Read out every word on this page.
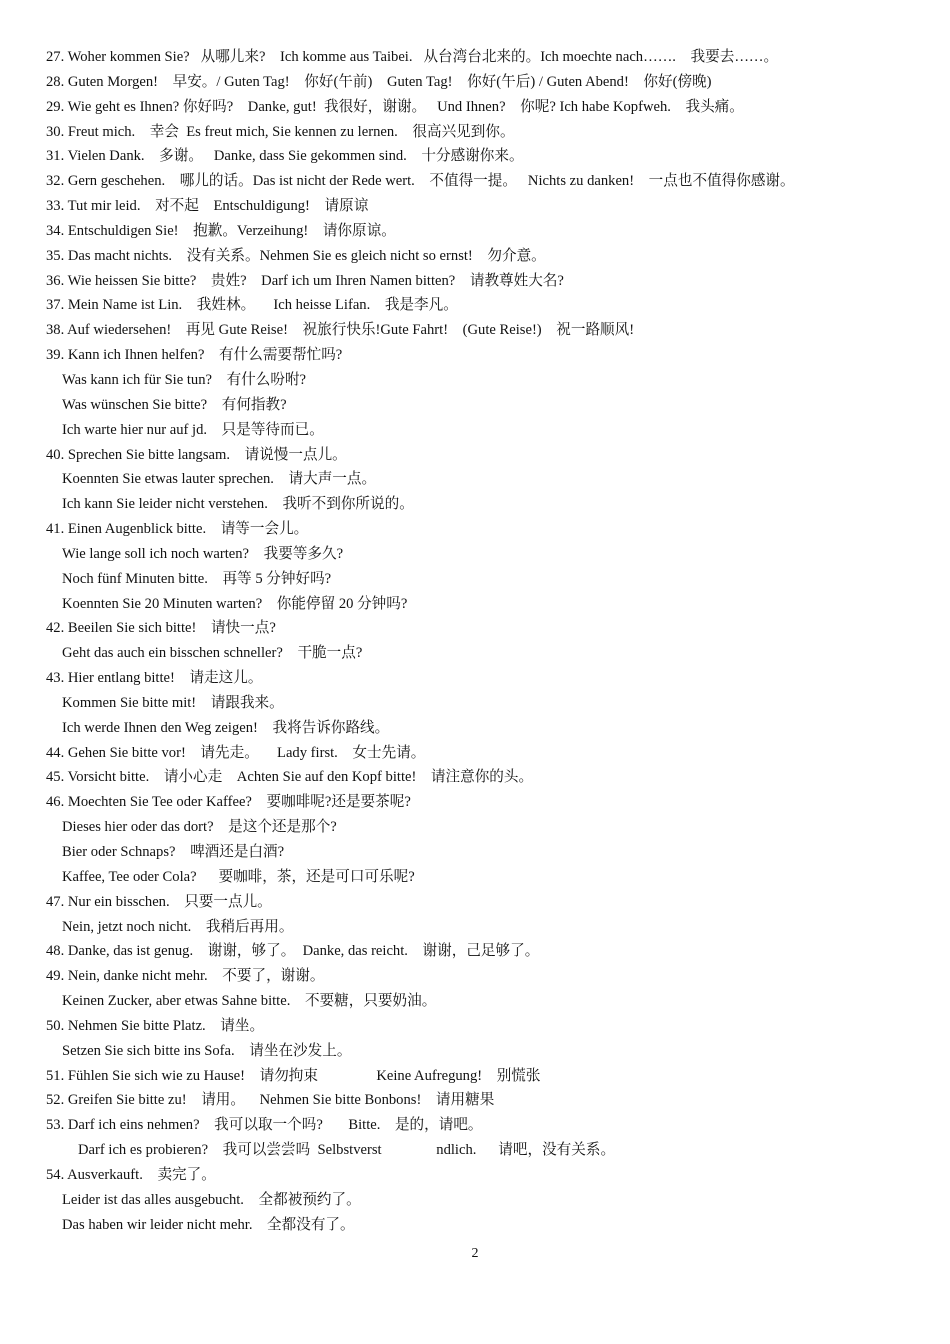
27. Woher kommen Sie?   从哪儿来?    Ich komme aus Taibei.   从台湾台北来的。Ich moechte nach…….    我要去……。
28. Guten Morgen!    早安。/ Guten Tag!    你好(午前)    Guten Tag!    你好(午后) / Guten Abend!    你好(傍晚)
29. Wie geht es Ihnen? 你好吗?    Danke, gut!  我很好，谢谢。   Und Ihnen?    你呢? Ich habe Kopfweh.    我头痛。
30. Freut mich.    幸会  Es freut mich, Sie kennen zu lernen.    很高兴见到你。
31. Vielen Dank.    多谢。   Danke, dass Sie gekommen sind.    十分感谢你来。
32. Gern geschehen.    哪儿的话。Das ist nicht der Rede wert.    不值得一提。   Nichts zu danken!    一点也不值得你感谢。
33. Tut mir leid.    对不起    Entschuldigung!    请原谅
34. Entschuldigen Sie!    抱歉。Verzeihung!    请你原谅。
35. Das macht nichts.    没有关系。Nehmen Sie es gleich nicht so ernst!    勿介意。
36. Wie heissen Sie bitte?    贵姓?    Darf ich um Ihren Namen bitten?    请教尊姓大名?
37. Mein Name ist Lin.    我姓林。     Ich heisse Lifan.    我是李凡。
38. Auf wiedersehen!    再见 Gute Reise!    祝旅行快乐!Gute Fahrt!    (Gute Reise!)    祝一路顺风!
39. Kann ich Ihnen helfen?    有什么需要帮忙吗?
Was kann ich für Sie tun?    有什么吩咐?
Was wünschen Sie bitte?    有何指教?
Ich warte hier nur auf jd.    只是等待而已。
40. Sprechen Sie bitte langsam.    请说慢一点儿。
Koennten Sie etwas lauter sprechen.    请大声一点。
Ich kann Sie leider nicht verstehen.    我听不到你所说的。
41. Einen Augenblick bitte.    请等一会儿。
Wie lange soll ich noch warten?    我要等多久?
Noch fünf Minuten bitte.    再等 5 分钟好吗?
Koennten Sie 20 Minuten warten?    你能停留 20 分钟吗?
42. Beeilen Sie sich bitte!    请快一点?
Geht das auch ein bisschen schneller?    干脆一点?
43. Hier entlang bitte!    请走这儿。
Kommen Sie bitte mit!    请跟我来。
Ich werde Ihnen den Weg zeigen!    我将告诉你路线。
44. Gehen Sie bitte vor!    请先走。     Lady first.    女士先请。
45. Vorsicht bitte.    请小心走    Achten Sie auf den Kopf bitte!    请注意你的头。
46. Moechten Sie Tee oder Kaffee?    要咖啡呢?还是要茶呢?
Dieses hier oder das dort?    是这个还是那个?
Bier oder Schnaps?    啤酒还是白酒?
Kaffee, Tee oder Cola?      要咖啡，茶，还是可口可乐呢?
47. Nur ein bisschen.    只要一点儿。
Nein, jetzt noch nicht.    我稍后再用。
48. Danke, das ist genug.    谢谢，够了。  Danke, das reicht.    谢谢，己足够了。
49. Nein, danke nicht mehr.    不要了，谢谢。
Keinen Zucker, aber etwas Sahne bitte.    不要糖，只要奶油。
50. Nehmen Sie bitte Platz.    请坐。
Setzen Sie sich bitte ins Sofa.    请坐在沙发上。
51. Fühlen Sie sich wie zu Hause!    请勿拘束                Keine Aufregung!    别慌张
52. Greifen Sie bitte zu!    请用。    Nehmen Sie bitte Bonbons!    请用糖果
53. Darf ich eins nehmen?    我可以取一个吗?       Bitte.    是的，请吧。
Darf ich es probieren?    我可以尝尝吗  Selbstverst               ndlich.      请吧，没有关系。
54. Ausverkauft.    卖完了。
Leider ist das alles ausgebucht.    全都被预约了。
Das haben wir leider nicht mehr.    全都没有了。
2
